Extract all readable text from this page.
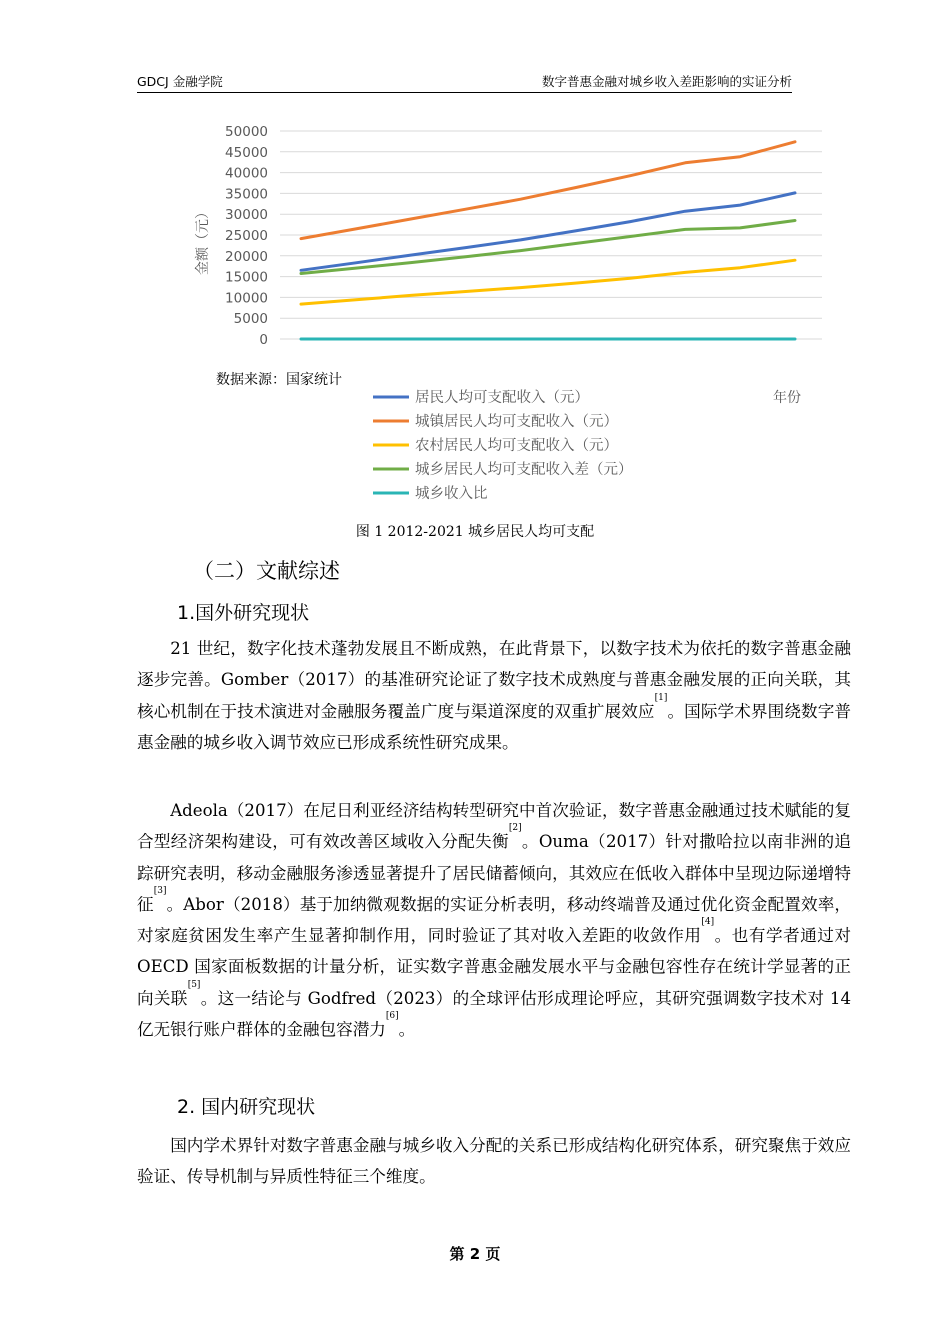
GDCJ 金融学院	数字普惠金融对城乡收入差距影响的实证分析
50000
45000
40000
35000
30000
25000
20000
15000
10000
5000
0
金额（元）
数据来源：国家统计
年份
居民人均可支配收入（元）
城镇居民人均可支配收入（元）
农村居民人均可支配收入（元）
城乡居民人均可支配收入差（元）
城乡收入比
图 1 2012-2021 城乡居民人均可支配
（二）文献综述
1.国外研究现状

21 世纪，数字化技术蓬勃发展且不断成熟，在此背景下，以数字技术为依托的数字普惠金融逐步完善。Gomber（2017）的基准研究论证了数字技术成熟度与普惠金融发展的正向关联，其核心机制在于技术演进对金融服务覆盖广度与渠道深度的双重扩展效应[1]。国际学术界围绕数字普惠金融的城乡收入调节效应已形成系统性研究成果。

Adeola（2017）在尼日利亚经济结构转型研究中首次验证，数字普惠金融通过技术赋能的复合型经济架构建设，可有效改善区域收入分配失衡[2]。Ouma（2017）针对撒哈拉以南非洲的追踪研究表明，移动金融服务渗透显著提升了居民储蓄倾向，其效应在低收入群体中呈现边际递增特征[3]。Abor（2018）基于加纳微观数据的实证分析表明，移动终端普及通过优化资金配置效率，对家庭贫困发生率产生显著抑制作用，同时验证了其对收入差距的收敛作用[4]。也有学者通过对 OECD 国家面板数据的计量分析，证实数字普惠金融发展水平与金融包容性存在统计学显著的正向关联[5]。这一结论与 Godfred（2023）的全球评估形成理论呼应，其研究强调数字技术对 14 亿无银行账户群体的金融包容潜力[6]。

2. 国内研究现状

国内学术界针对数字普惠金融与城乡收入分配的关系已形成结构化研究体系，研究聚焦于效应验证、传导机制与异质性特征三个维度。

第 2 页
